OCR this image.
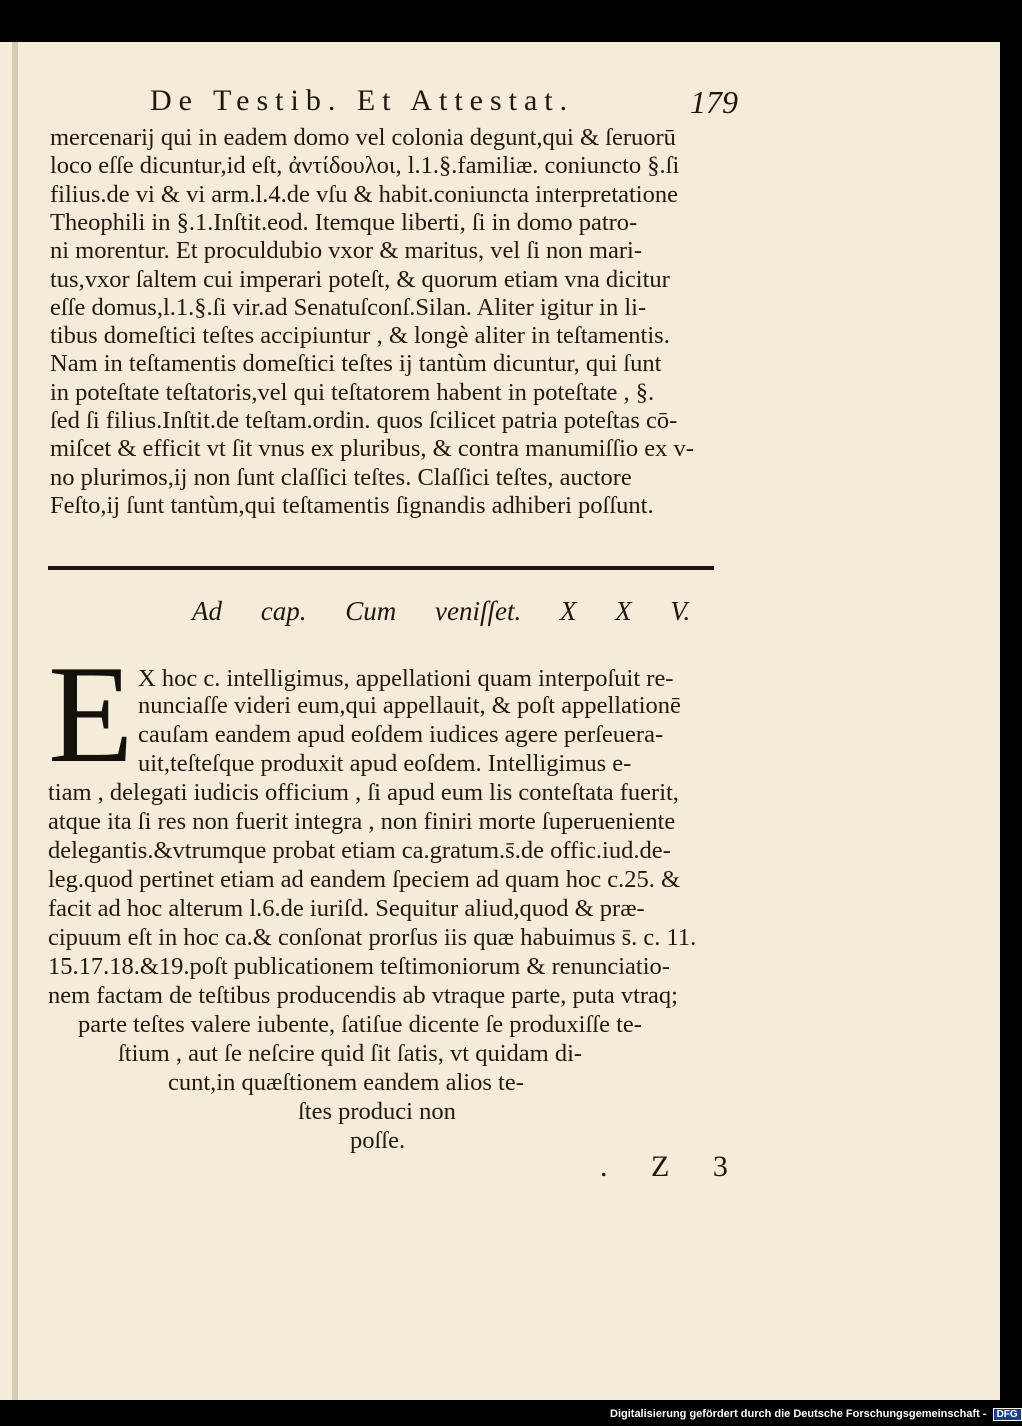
De Testib. Et Attestat.	179
mercenarij qui in eadem domo vel colonia degunt,qui & ſeruorū
loco eſſe dicuntur,id eſt, ἀντίδουλοι, l.1.§.familiæ. coniuncto §.ſi
filius.de vi & vi arm.l.4.de vſu & habit.coniuncta interpretatione
Theophili in §.1.Inſtit.eod. Itemque liberti, ſi in domo patro-
ni morentur. Et proculdubio vxor & maritus, vel ſi non mari-
tus,vxor ſaltem cui imperari poteſt, & quorum etiam vna dicitur
eſſe domus,l.1.§.ſi vir.ad Senatuſconſ.Silan. Aliter igitur in li-
tibus domeſtici teſtes accipiuntur , & longè aliter in teſtamentis.
Nam in teſtamentis domeſtici teſtes ij tantùm dicuntur, qui ſunt
in poteſtate teſtatoris,vel qui teſtatorem habent in poteſtate , §.
ſed ſi filius.Inſtit.de teſtam.ordin. quos ſcilicet patria poteſtas cō-
miſcet & efficit vt ſit vnus ex pluribus, & contra manumiſſio ex v-
no plurimos,ij non ſunt claſſici teſtes. Claſſici teſtes, auctore
Feſto,ij ſunt tantùm,qui teſtamentis ſignandis adhiberi poſſunt.
Ad cap. Cum veniſſet. X X V.
E X hoc c. intelligimus, appellationi quam interpoſuit re-
nunciaſſe videri eum,qui appellauit, & poſt appellationē
cauſam eandem apud eoſdem iudices agere perſeuera-
uit,teſteſque produxit apud eoſdem. Intelligimus e-
tiam , delegati iudicis officium , ſi apud eum lis conteſtata fuerit,
atque ita ſi res non fuerit integra , non finiri morte ſuperueniente
delegantis.&vtrumque probat etiam ca.gratum.s̄.de offic.iud.de-
leg.quod pertinet etiam ad eandem ſpeciem ad quam hoc c.25. &
facit ad hoc alterum l.6.de iuriſd. Sequitur aliud,quod & præ-
cipuum eſt in hoc ca.& conſonat prorſus iis quæ habuimus s̄. c. 11.
15.17.18.&19.poſt publicationem teſtimoniorum & renunciatio-
nem factam de teſtibus producendis ab vtraque parte, puta vtraq;
parte teſtes valere iubente, ſatiſue dicente ſe produxiſſe te-
ſtium , aut ſe neſcire quid ſit ſatis, vt quidam di-
cunt,in quæſtionem eandem alios te-
ſtes produci non
poſſe.
. Z 3
Digitalisierung gefördert durch die Deutsche Forschungsgemeinschaft - DFG
